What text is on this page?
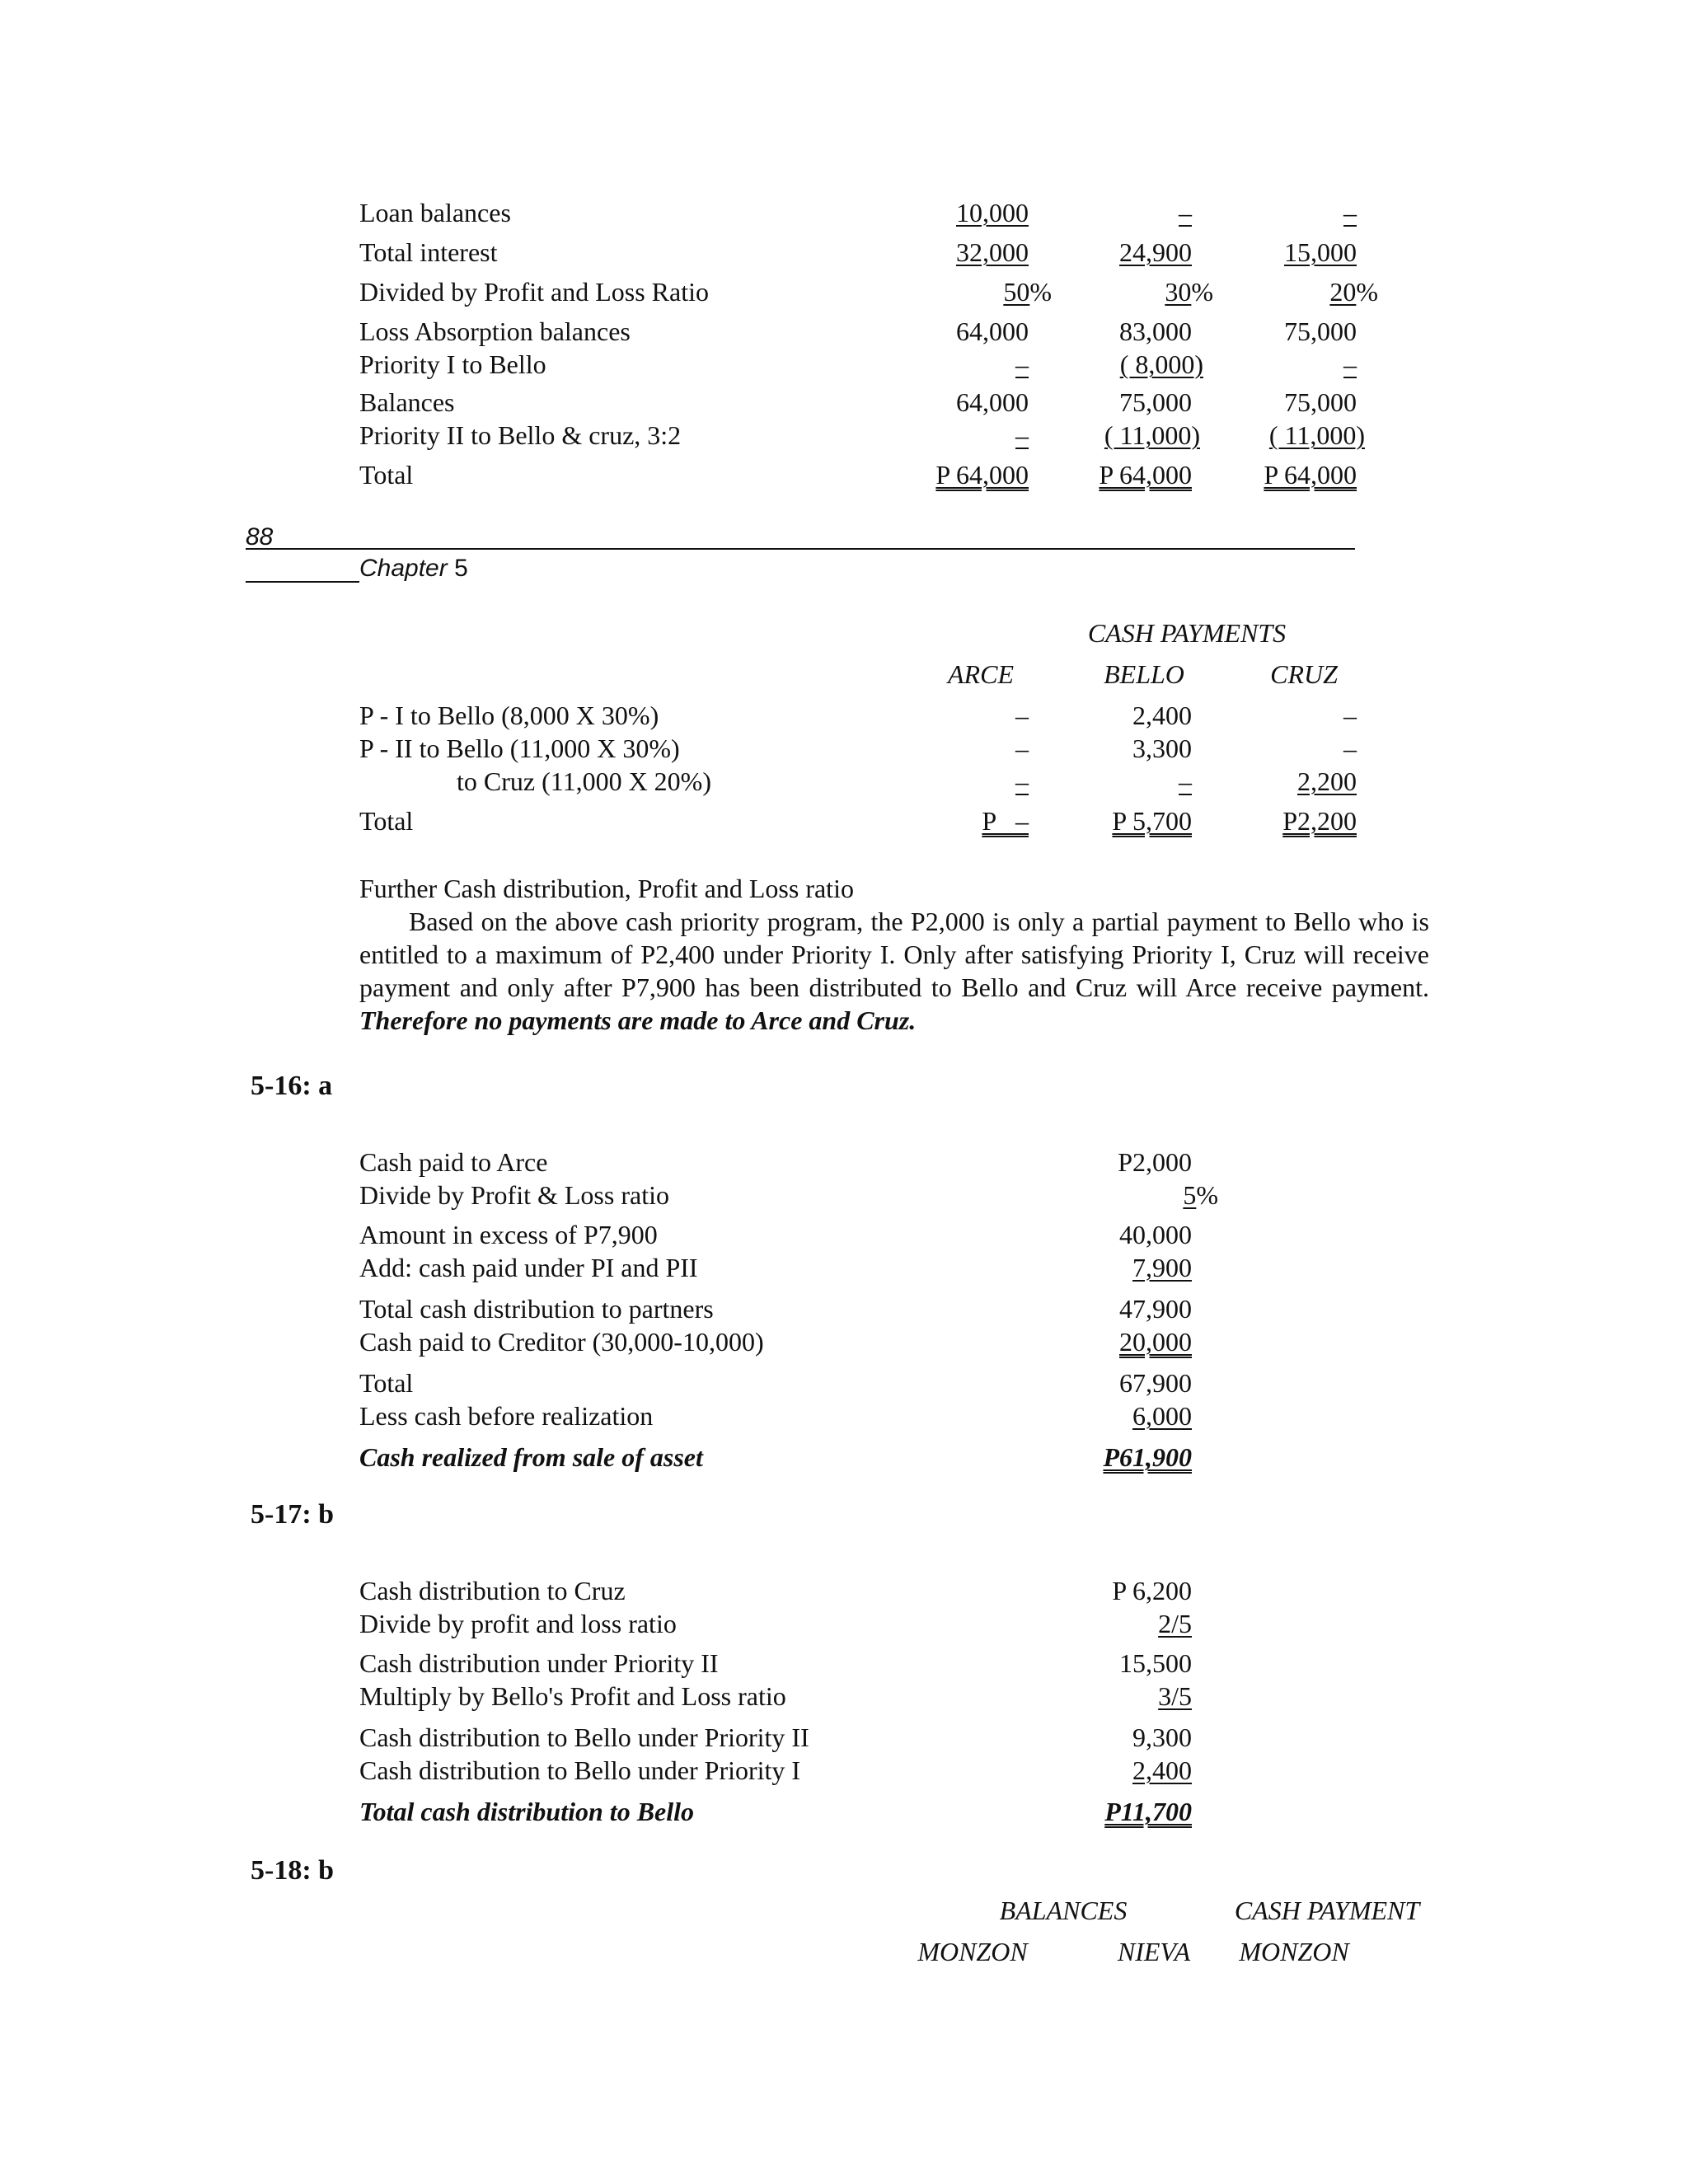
Loan balances	10,000	–	–
Total interest	32,000	24,900	15,000
Divided by Profit and Loss Ratio	50%	30%	20%
Loss Absorption balances	64,000	83,000	75,000
Priority I to Bello	–	( 8,000)	–
Balances	64,000	75,000	75,000
Priority II to Bello & cruz, 3:2	–	( 11,000)	( 11,000)
Total	P 64,000	P 64,000	P 64,000
88
Chapter 5
CASH PAYMENTS
ARCE	BELLO	CRUZ
P - I to Bello (8,000 X 30%)	–	2,400	–
P - II to Bello (11,000 X 30%)	–	3,300	–
to Cruz (11,000 X 20%)	–	–	2,200
Total	P   –	P 5,700	P2,200

Further Cash distribution, Profit and Loss ratio

Based on the above cash priority program, the P2,000 is only a partial payment to Bello who is entitled to a maximum of P2,400 under Priority I. Only after satisfying Priority I, Cruz will receive payment and only after P7,900 has been distributed to Bello and Cruz will Arce receive payment. Therefore no payments are made to Arce and Cruz.

5-16: a
Cash paid to Arce	P2,000
Divide by Profit & Loss ratio	5%
Amount in excess of P7,900	40,000
Add: cash paid under PI and PII	7,900
Total cash distribution to partners	47,900
Cash paid to Creditor (30,000-10,000)	20,000
Total	67,900
Less cash before realization	6,000
Cash realized from sale of asset	P61,900
5-17: b
Cash distribution to Cruz	P 6,200
Divide by profit and loss ratio	2/5
Cash distribution under Priority II	15,500
Multiply by Bello's Profit and Loss ratio	3/5
Cash distribution to Bello under Priority II	9,300
Cash distribution to Bello under Priority I	2,400
Total cash distribution to Bello	P11,700
5-18: b
BALANCES	CASH PAYMENT
MONZON	NIEVA	MONZON
